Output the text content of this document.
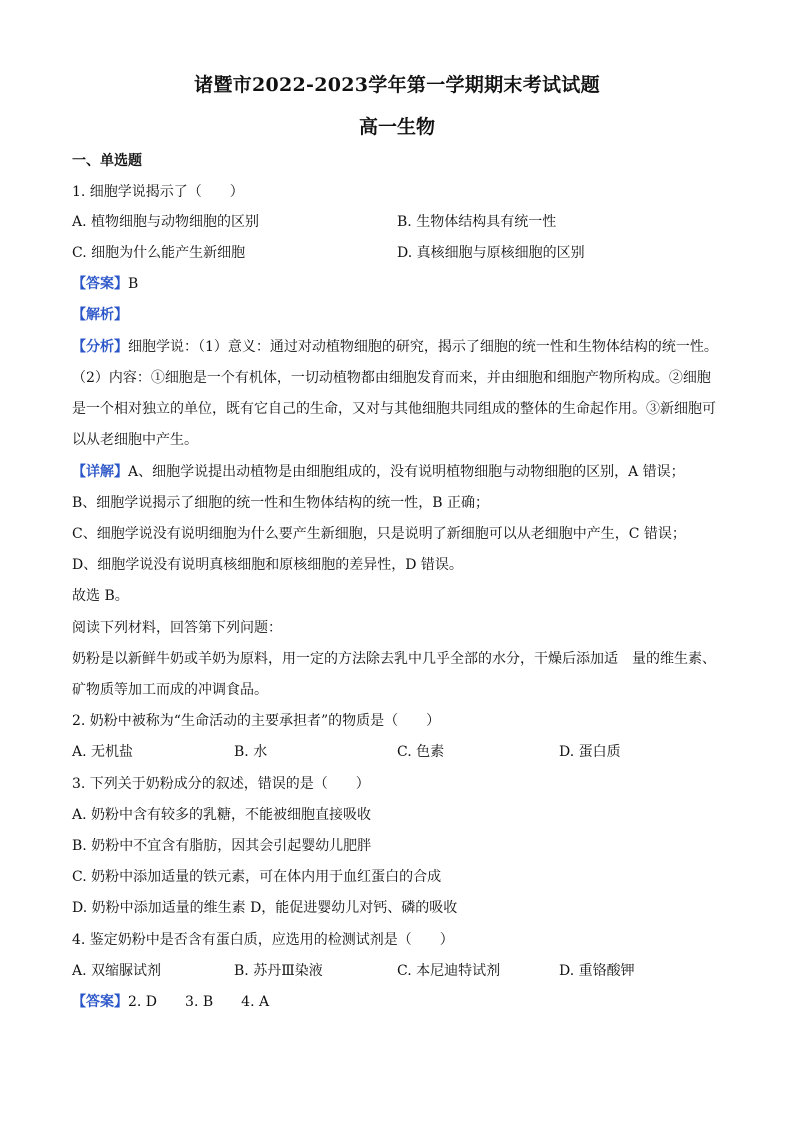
诸暨市2022-2023学年第一学期期末考试试题
高一生物
一、单选题
1. 细胞学说揭示了（　　）
A. 植物细胞与动物细胞的区别	B. 生物体结构具有统一性
C. 细胞为什么能产生新细胞	D. 真核细胞与原核细胞的区别
【答案】B
【解析】
【分析】细胞学说：（1）意义：通过对动植物细胞的研究，揭示了细胞的统一性和生物体结构的统一性。
（2）内容：①细胞是一个有机体，一切动植物都由细胞发育而来，并由细胞和细胞产物所构成。②细胞
是一个相对独立的单位，既有它自己的生命，又对与其他细胞共同组成的整体的生命起作用。③新细胞可
以从老细胞中产生。
【详解】A、细胞学说提出动植物是由细胞组成的，没有说明植物细胞与动物细胞的区别，A 错误；
B、细胞学说揭示了细胞的统一性和生物体结构的统一性，B 正确；
C、细胞学说没有说明细胞为什么要产生新细胞，只是说明了新细胞可以从老细胞中产生，C 错误；
D、细胞学说没有说明真核细胞和原核细胞的差异性，D 错误。
故选 B。
阅读下列材料，回答第下列问题：
奶粉是以新鲜牛奶或羊奶为原料，用一定的方法除去乳中几乎全部的水分，干燥后添加适　量的维生素、
矿物质等加工而成的冲调食品。
2. 奶粉中被称为“生命活动的主要承担者”的物质是（　　）
A. 无机盐	B. 水	C. 色素	D. 蛋白质
3. 下列关于奶粉成分的叙述，错误的是（　　）
A. 奶粉中含有较多的乳糖，不能被细胞直接吸收
B. 奶粉中不宜含有脂肪，因其会引起婴幼儿肥胖
C. 奶粉中添加适量的铁元素，可在体内用于血红蛋白的合成
D. 奶粉中添加适量的维生素 D，能促进婴幼儿对钙、磷的吸收
4. 鉴定奶粉中是否含有蛋白质，应选用的检测试剂是（　　）
A. 双缩脲试剂	B. 苏丹Ⅲ染液	C. 本尼迪特试剂	D. 重铬酸钾
【答案】2. D 3. B 4. A
